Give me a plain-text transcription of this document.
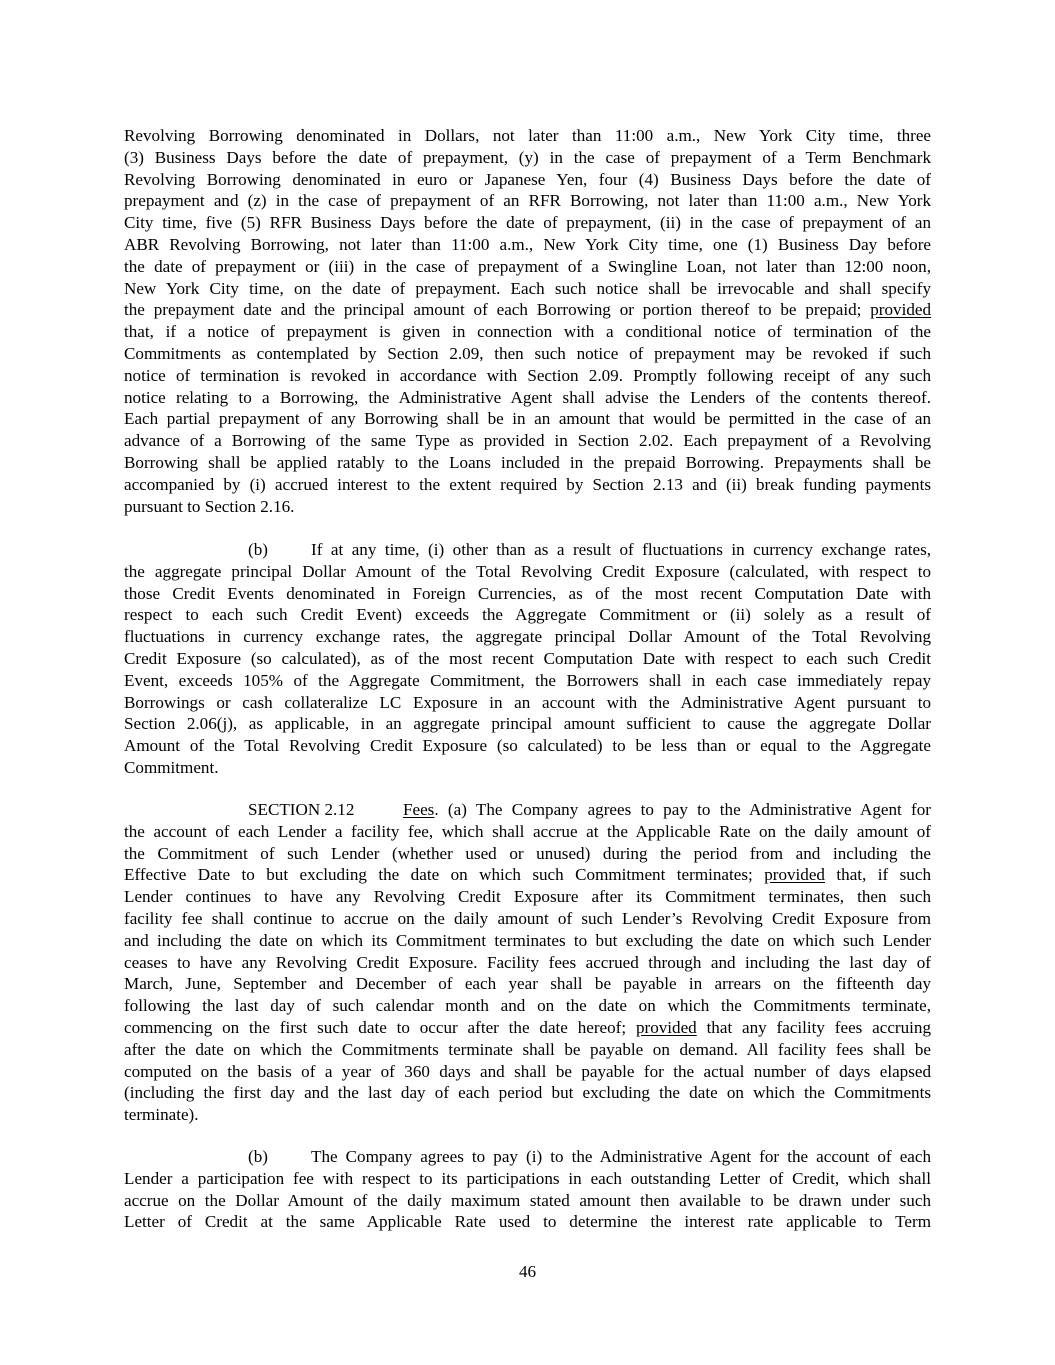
Revolving Borrowing denominated in Dollars, not later than 11:00 a.m., New York City time, three
(3) Business Days before the date of prepayment, (y) in the case of prepayment of a Term Benchmark
Revolving Borrowing denominated in euro or Japanese Yen, four (4) Business Days before the date of
prepayment and (z) in the case of prepayment of an RFR Borrowing, not later than 11:00 a.m., New York
City time, five (5) RFR Business Days before the date of prepayment, (ii) in the case of prepayment of an
ABR Revolving Borrowing, not later than 11:00 a.m., New York City time, one (1) Business Day before
the date of prepayment or (iii) in the case of prepayment of a Swingline Loan, not later than 12:00 noon,
New York City time, on the date of prepayment. Each such notice shall be irrevocable and shall specify
the prepayment date and the principal amount of each Borrowing or portion thereof to be prepaid; provided
that, if a notice of prepayment is given in connection with a conditional notice of termination of the
Commitments as contemplated by Section 2.09, then such notice of prepayment may be revoked if such
notice of termination is revoked in accordance with Section 2.09. Promptly following receipt of any such
notice relating to a Borrowing, the Administrative Agent shall advise the Lenders of the contents thereof.
Each partial prepayment of any Borrowing shall be in an amount that would be permitted in the case of an
advance of a Borrowing of the same Type as provided in Section 2.02. Each prepayment of a Revolving
Borrowing shall be applied ratably to the Loans included in the prepaid Borrowing. Prepayments shall be
accompanied by (i) accrued interest to the extent required by Section 2.13 and (ii) break funding payments
pursuant to Section 2.16.
(b)	If at any time, (i) other than as a result of fluctuations in currency exchange rates,
the aggregate principal Dollar Amount of the Total Revolving Credit Exposure (calculated, with respect to
those Credit Events denominated in Foreign Currencies, as of the most recent Computation Date with
respect to each such Credit Event) exceeds the Aggregate Commitment or (ii) solely as a result of
fluctuations in currency exchange rates, the aggregate principal Dollar Amount of the Total Revolving
Credit Exposure (so calculated), as of the most recent Computation Date with respect to each such Credit
Event, exceeds 105% of the Aggregate Commitment, the Borrowers shall in each case immediately repay
Borrowings or cash collateralize LC Exposure in an account with the Administrative Agent pursuant to
Section 2.06(j), as applicable, in an aggregate principal amount sufficient to cause the aggregate Dollar
Amount of the Total Revolving Credit Exposure (so calculated) to be less than or equal to the Aggregate
Commitment.
SECTION 2.12	Fees. (a) The Company agrees to pay to the Administrative Agent for
the account of each Lender a facility fee, which shall accrue at the Applicable Rate on the daily amount of
the Commitment of such Lender (whether used or unused) during the period from and including the
Effective Date to but excluding the date on which such Commitment terminates; provided that, if such
Lender continues to have any Revolving Credit Exposure after its Commitment terminates, then such
facility fee shall continue to accrue on the daily amount of such Lender’s Revolving Credit Exposure from
and including the date on which its Commitment terminates to but excluding the date on which such Lender
ceases to have any Revolving Credit Exposure. Facility fees accrued through and including the last day of
March, June, September and December of each year shall be payable in arrears on the fifteenth day
following the last day of such calendar month and on the date on which the Commitments terminate,
commencing on the first such date to occur after the date hereof; provided that any facility fees accruing
after the date on which the Commitments terminate shall be payable on demand. All facility fees shall be
computed on the basis of a year of 360 days and shall be payable for the actual number of days elapsed
(including the first day and the last day of each period but excluding the date on which the Commitments
terminate).
(b)	The Company agrees to pay (i) to the Administrative Agent for the account of each
Lender a participation fee with respect to its participations in each outstanding Letter of Credit, which shall
accrue on the Dollar Amount of the daily maximum stated amount then available to be drawn under such
Letter of Credit at the same Applicable Rate used to determine the interest rate applicable to Term
46
